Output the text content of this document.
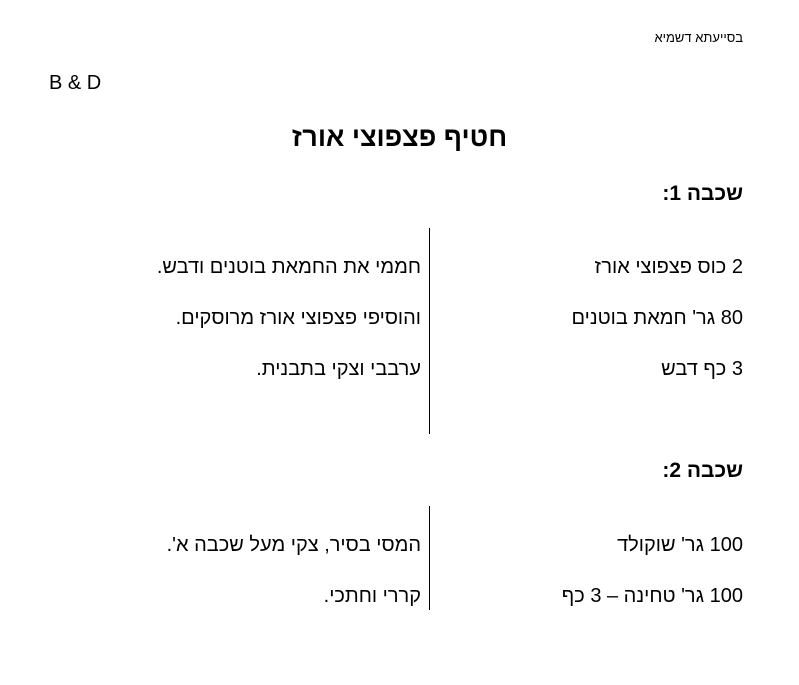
בסייעתא דשמיא
B & D
חטיף פצפוצי אורז
שכבה 1:
2 כוס פצפוצי אורז
80 גר' חמאת בוטנים
3 כף דבש
חממי את החמאת בוטנים ודבש.
והוסיפי פצפוצי אורז מרוסקים.
ערבבי וצקי בתבנית.
שכבה 2:
100 גר' שוקולד
100 גר' טחינה – 3 כף
המסי בסיר, צקי מעל שכבה א'.
קררי וחתכי.
